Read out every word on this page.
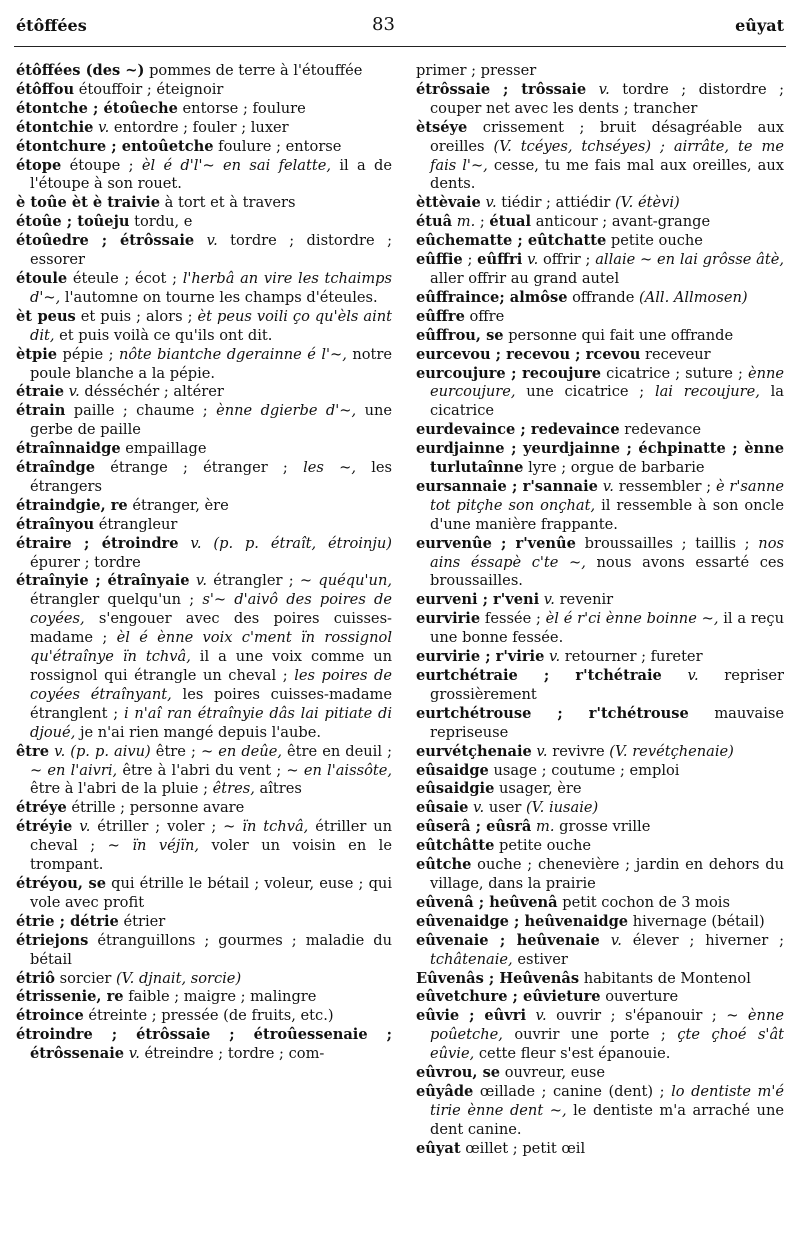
étôffées	83	eûyat

étôffées (des ~) pommes de terre à l'étouffée

étôffou étouffoir ; éteignoir

étontche ; étoûeche entorse ; foulure

étontchie v. entordre ; fouler ; luxer

étontchure ; entoûetche foulure ; entorse

étope étoupe ; èl é d'l'~ en sai felatte, il a de l'étoupe à son rouet.

è toûe èt è traivie à tort et à travers

étoûe ; toûeju tordu, e

étoûedre ; étrôssaie v. tordre ; distordre ; essorer

étoule éteule ; écot ; l'herbâ an vire les tchaimps d'~, l'automne on tourne les champs d'éteules.

èt peus et puis ; alors ; èt peus voili ço qu'èls aint dit, et puis voilà ce qu'ils ont dit.

ètpie pépie ; nôte biantche dgerainne é l'~, notre poule blanche a la pépie.

étraie v. désséchér ; altérer

étrain paille ; chaume ; ènne dgierbe d'~, une gerbe de paille

étraînnaidge empaillage

étraîndge étrange ; étranger ; les ~, les étrangers

étraindgie, re étranger, ère

étraînyou étrangleur

étraire ; étroindre v. (p. p. étraît, étroinju) épurer ; tordre

étraînyie ; étraînyaie v. étrangler ; ~ quéqu'un, étrangler quelqu'un ; s'~ d'aivô des poires de coyées, s'engouer avec des poires cuisses-madame ; èl é ènne voix c'ment ïn rossignol qu'étraînye ïn tchvâ, il a une voix comme un rossignol qui étrangle un cheval ; les poires de coyées étraînyant, les poires cuisses-madame étranglent ; i n'aî ran étraînyie dâs lai pitiate di djoué, je n'ai rien mangé depuis l'aube.

être v. (p. p. aivu) être ; ~ en deûe, être en deuil ; ~ en l'aivri, être à l'abri du vent ; ~ en l'aissôte, être à l'abri de la pluie ; êtres, aîtres

étréye étrille ; personne avare

étréyie v. étriller ; voler ; ~ ïn tchvâ, étriller un cheval ; ~ ïn véjïn, voler un voisin en le trompant.

étréyou, se qui étrille le bétail ; voleur, euse ; qui vole avec profit

étrie ; détrie étrier

étriejons étranguillons ; gourmes ; maladie du bétail

étriô sorcier (V. djnait, sorcie)

étrissenie, re faible ; maigre ; malingre

étroince étreinte ; pressée (de fruits, etc.)

étroindre ; étrôssaie ; étroûessenaie ; étrôssenaie v. étreindre ; tordre ; com-

primer ; presser

étrôssaie ; trôssaie v. tordre ; distordre ; couper net avec les dents ; trancher

ètséye crissement ; bruit désagréable aux oreilles (V. tcéyes, tchséyes) ; airrâte, te me fais l'~, cesse, tu me fais mal aux oreilles, aux dents.

èttèvaie v. tiédir ; attiédir (V. étèvi)

étuâ m. ; étual anticour ; avant-grange

eûchematte ; eûtchatte petite ouche

eûffie ; eûffri v. offrir ; allaie ~ en lai grôsse âtè, aller offrir au grand autel

eûffraince; almôse offrande (All. Allmosen)

eûffre offre

eûffrou, se personne qui fait une offrande

eurcevou ; recevou ; rcevou receveur

eurcoujure ; recoujure cicatrice ; suture ; ènne eurcoujure, une cicatrice ; lai recoujure, la cicatrice

eurdevaince ; redevaince redevance

eurdjainne ; yeurdjainne ; échpinatte ; ènne turlutaînne lyre ; orgue de barbarie

eursannaie ; r'sannaie v. ressembler ; è r'sanne tot pitçhe son onçhat, il ressemble à son oncle d'une manière frappante.

eurvenûe ; r'venûe broussailles ; taillis ; nos ains éssapè c'te ~, nous avons essarté ces broussailles.

eurveni ; r'veni v. revenir

eurvirie fessée ; èl é r'ci ènne boinne ~, il a reçu une bonne fessée.

eurvirie ; r'virie v. retourner ; fureter

eurtchétraie ; r'tchétraie v. repriser grossièrement

eurtchétrouse ; r'tchétrouse mauvaise repriseuse

eurvétçhenaie v. revivre (V. revétçhenaie)

eûsaidge usage ; coutume ; emploi

eûsaidgie usager, ère

eûsaie v. user (V. iusaie)

eûserâ ; eûsrâ m. grosse vrille

eûtchâtte petite ouche

eûtche ouche ; chenevière ; jardin en dehors du village, dans la prairie

eûvenâ ; heûvenâ petit cochon de 3 mois

eûvenaidge ; heûvenaidge hivernage (bétail)

eûvenaie ; heûvenaie v. élever ; hiverner ; tchâtenaie, estiver

Eûvenâs ; Heûvenâs habitants de Montenol

eûvetchure ; eûvieture ouverture

eûvie ; eûvri v. ouvrir ; s'épanouir ; ~ ènne poûetche, ouvrir une porte ; çte çhoé s'ât eûvie, cette fleur s'est épanouie.

eûvrou, se ouvreur, euse

eûyâde œillade ; canine (dent) ; lo dentiste m'é tirie ènne dent ~, le dentiste m'a arraché une dent canine.

eûyat œillet ; petit œil
